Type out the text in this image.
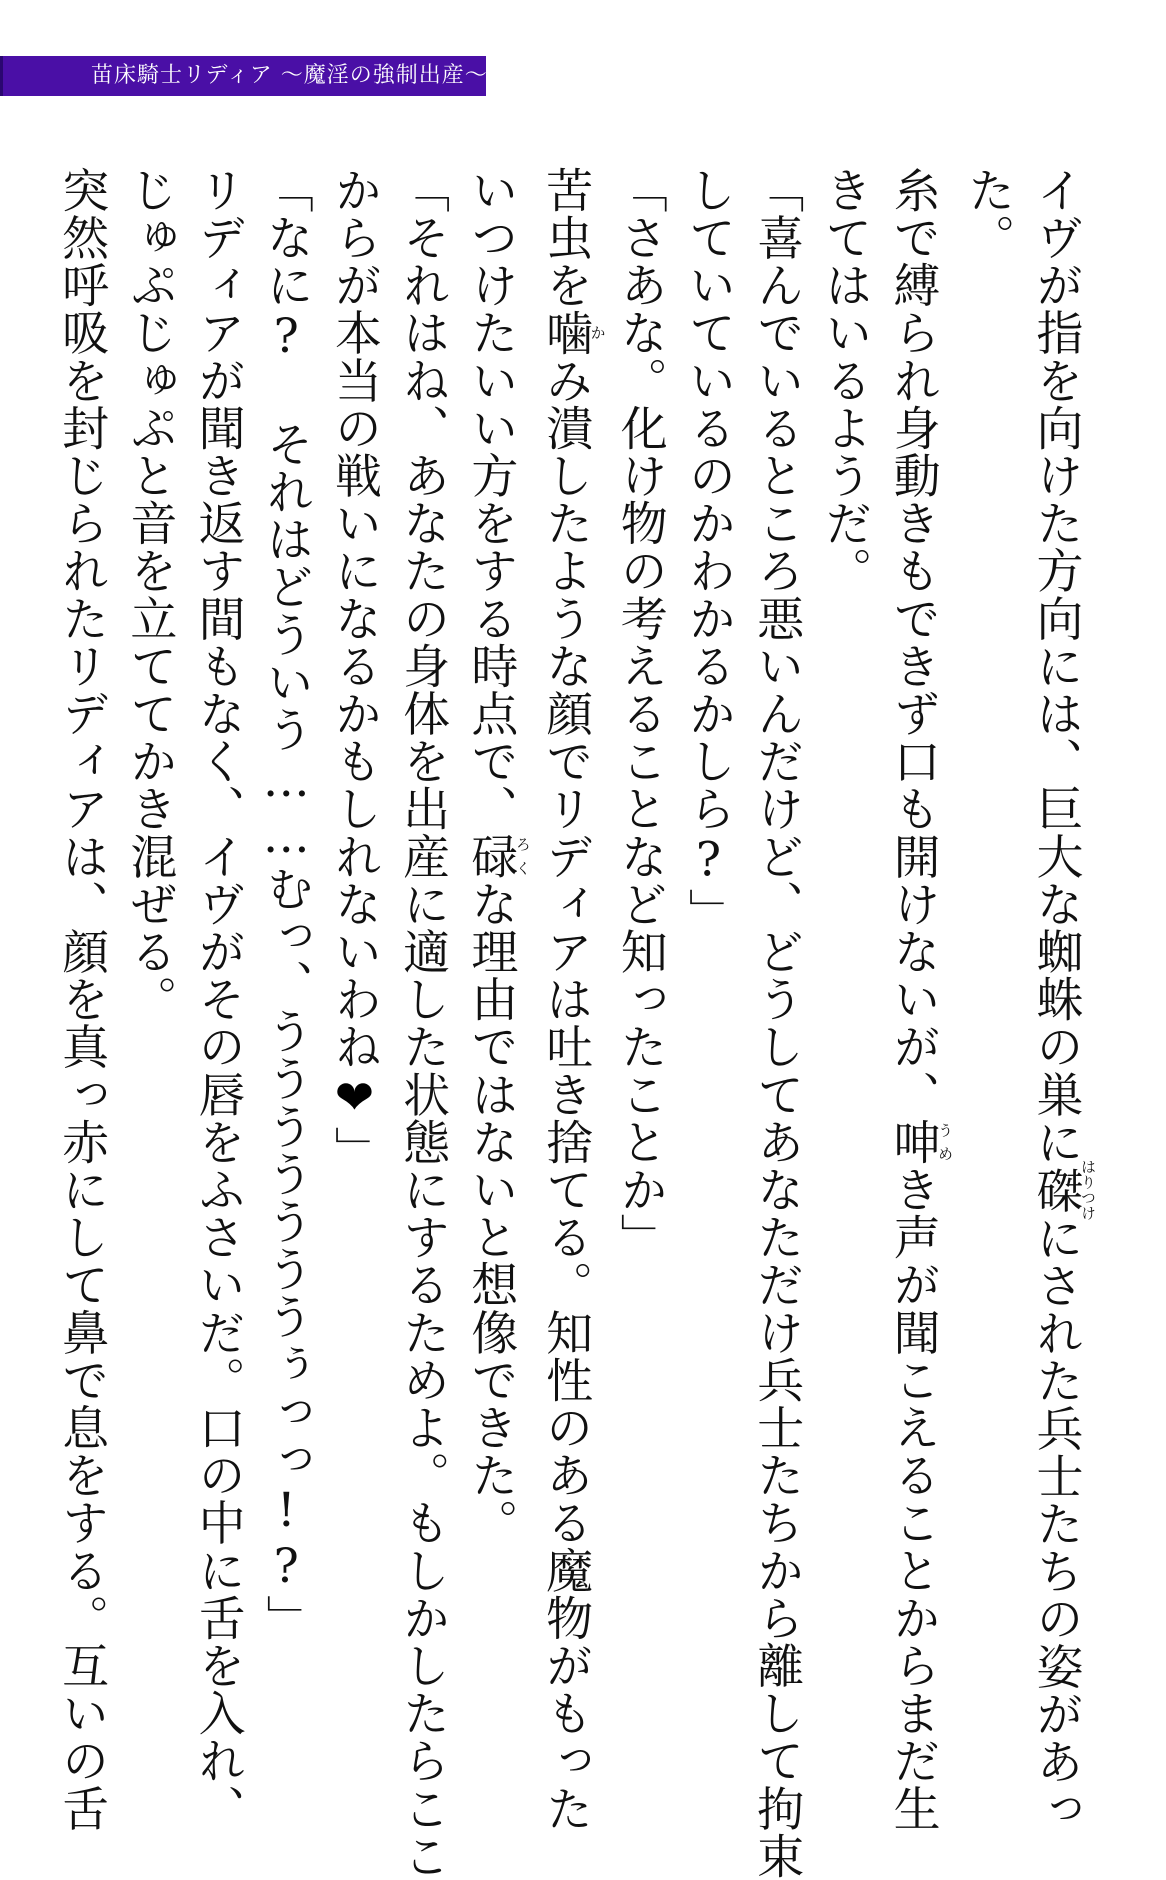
苗床騎士リディア 〜魔淫の強制出産〜
イヴが指を向けた方向には、巨大な蜘蛛の巣に磔はりつけにされた兵士たちの姿があっ
た。
糸で縛られ身動きもできず口も開けないが、呻うめき声が聞こえることからまだ生
きてはいるようだ。
「喜んでいるところ悪いんだけど、どうしてあなただけ兵士たちから離して拘束
していているのかわかるかしら?」
「さあな。化け物の考えることなど知ったことか」
苦虫を噛かみ潰したような顔でリディアは吐き捨てる。知性のある魔物がもった
いつけたいい方をする時点で、碌ろくな理由ではないと想像できた。
「それはね、あなたの身体を出産に適した状態にするためよ。もしかしたらここ
からが本当の戦いになるかもしれないわね❤」
「なに? それはどういう……むっ、うううううううぅっっ!?」
リディアが聞き返す間もなく、イヴがその唇をふさいだ。口の中に舌を入れ、
じゅぷじゅぷと音を立ててかき混ぜる。
突然呼吸を封じられたリディアは、顔を真っ赤にして鼻で息をする。互いの舌
